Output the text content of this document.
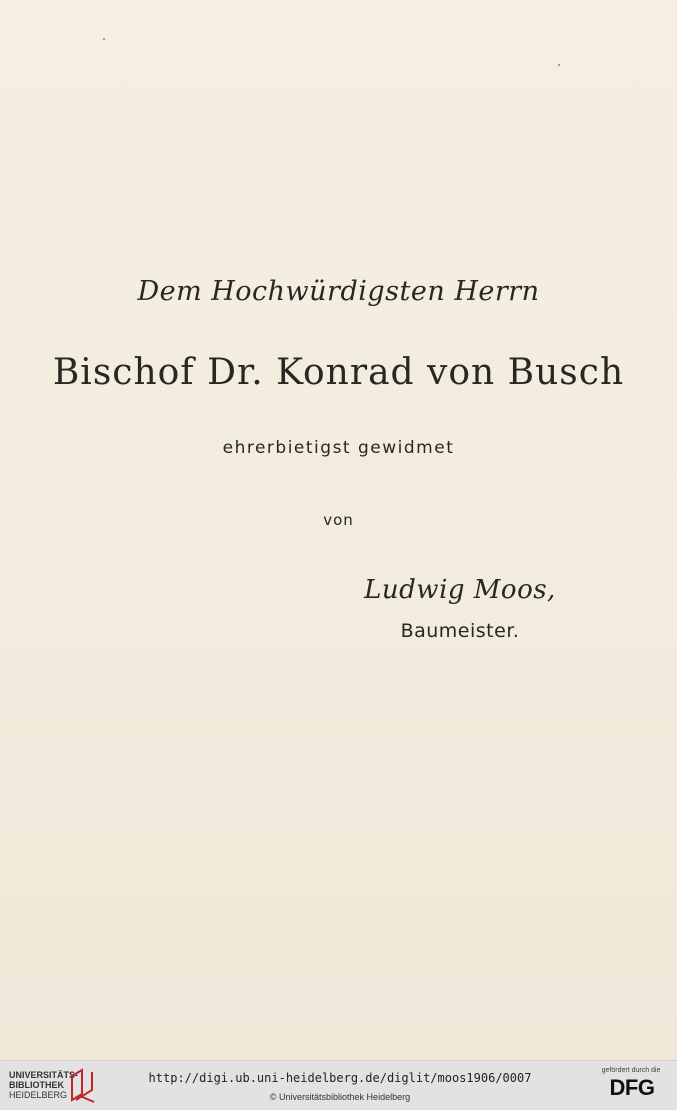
Dem Hochwürdigsten Herrn
Bischof Dr. Konrad von Busch
ehrerbietigst gewidmet
von
Ludwig Moos,
Baumeister.
UNIVERSITÄTS-
BIBLIOTHEK
HEIDELBERG
http://digi.ub.uni-heidelberg.de/diglit/moos1906/0007
© Universitätsbibliothek Heidelberg
gefördert durch die
DFG
